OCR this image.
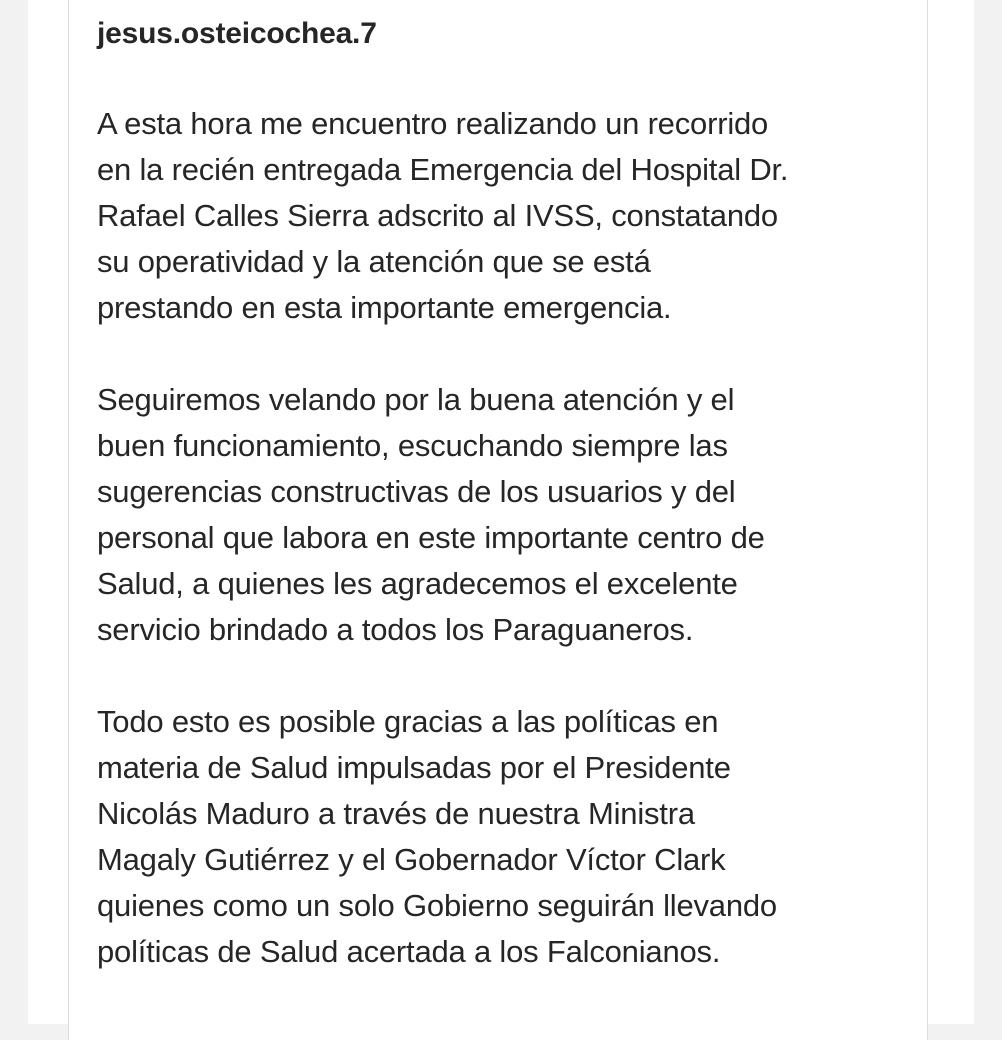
jesus.osteicochea.7

A esta hora me encuentro realizando un recorrido
en la recién entregada Emergencia del Hospital Dr.
Rafael Calles Sierra adscrito al IVSS, constatando
su operatividad y la atención que se está
prestando en esta importante emergencia.

Seguiremos velando por la buena atención y el
buen funcionamiento, escuchando siempre las
sugerencias constructivas de los usuarios y del
personal que labora en este importante centro de
Salud, a quienes les agradecemos el excelente
servicio brindado a todos los Paraguaneros.

Todo esto es posible gracias a las políticas en
materia de Salud impulsadas por el Presidente
Nicolás Maduro a través de nuestra Ministra
Magaly Gutiérrez y el Gobernador Víctor Clark
quienes como un solo Gobierno seguirán llevando
políticas de Salud acertada a los Falconianos.
